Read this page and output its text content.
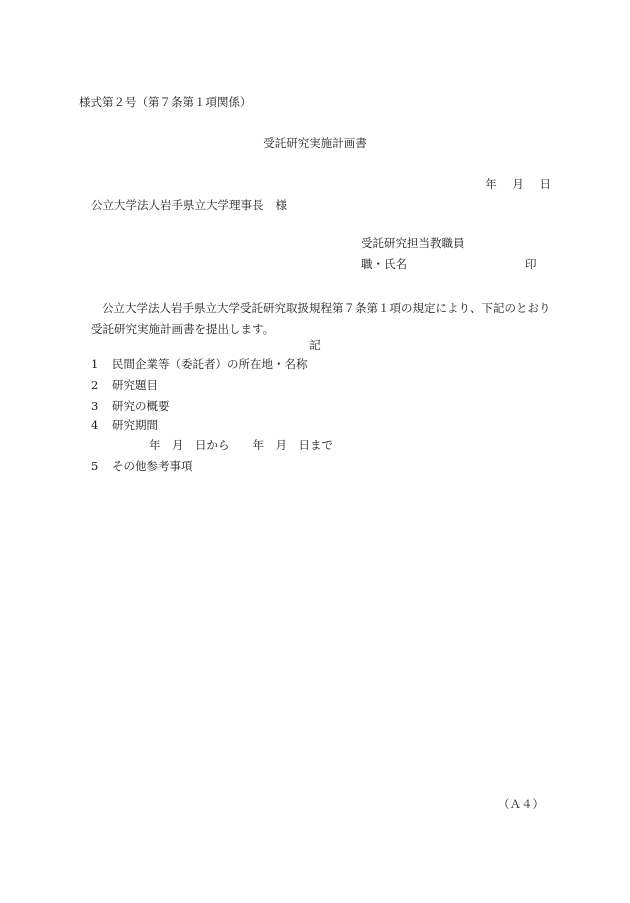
様式第２号（第７条第１項関係）
受託研究実施計画書
年 月 日
公立大学法人岩手県立大学理事長 様
受託研究担当教職員
職・氏名	印
公立大学法人岩手県立大学受託研究取扱規程第７条第１項の規定により、下記のとおり受託研究実施計画書を提出します。
記
1 民間企業等（委託者）の所在地・名称
2 研究題目
3 研究の概要
4 研究期間
年　月　日から　　年　月　日まで
5 その他参考事項
（Ａ４）
